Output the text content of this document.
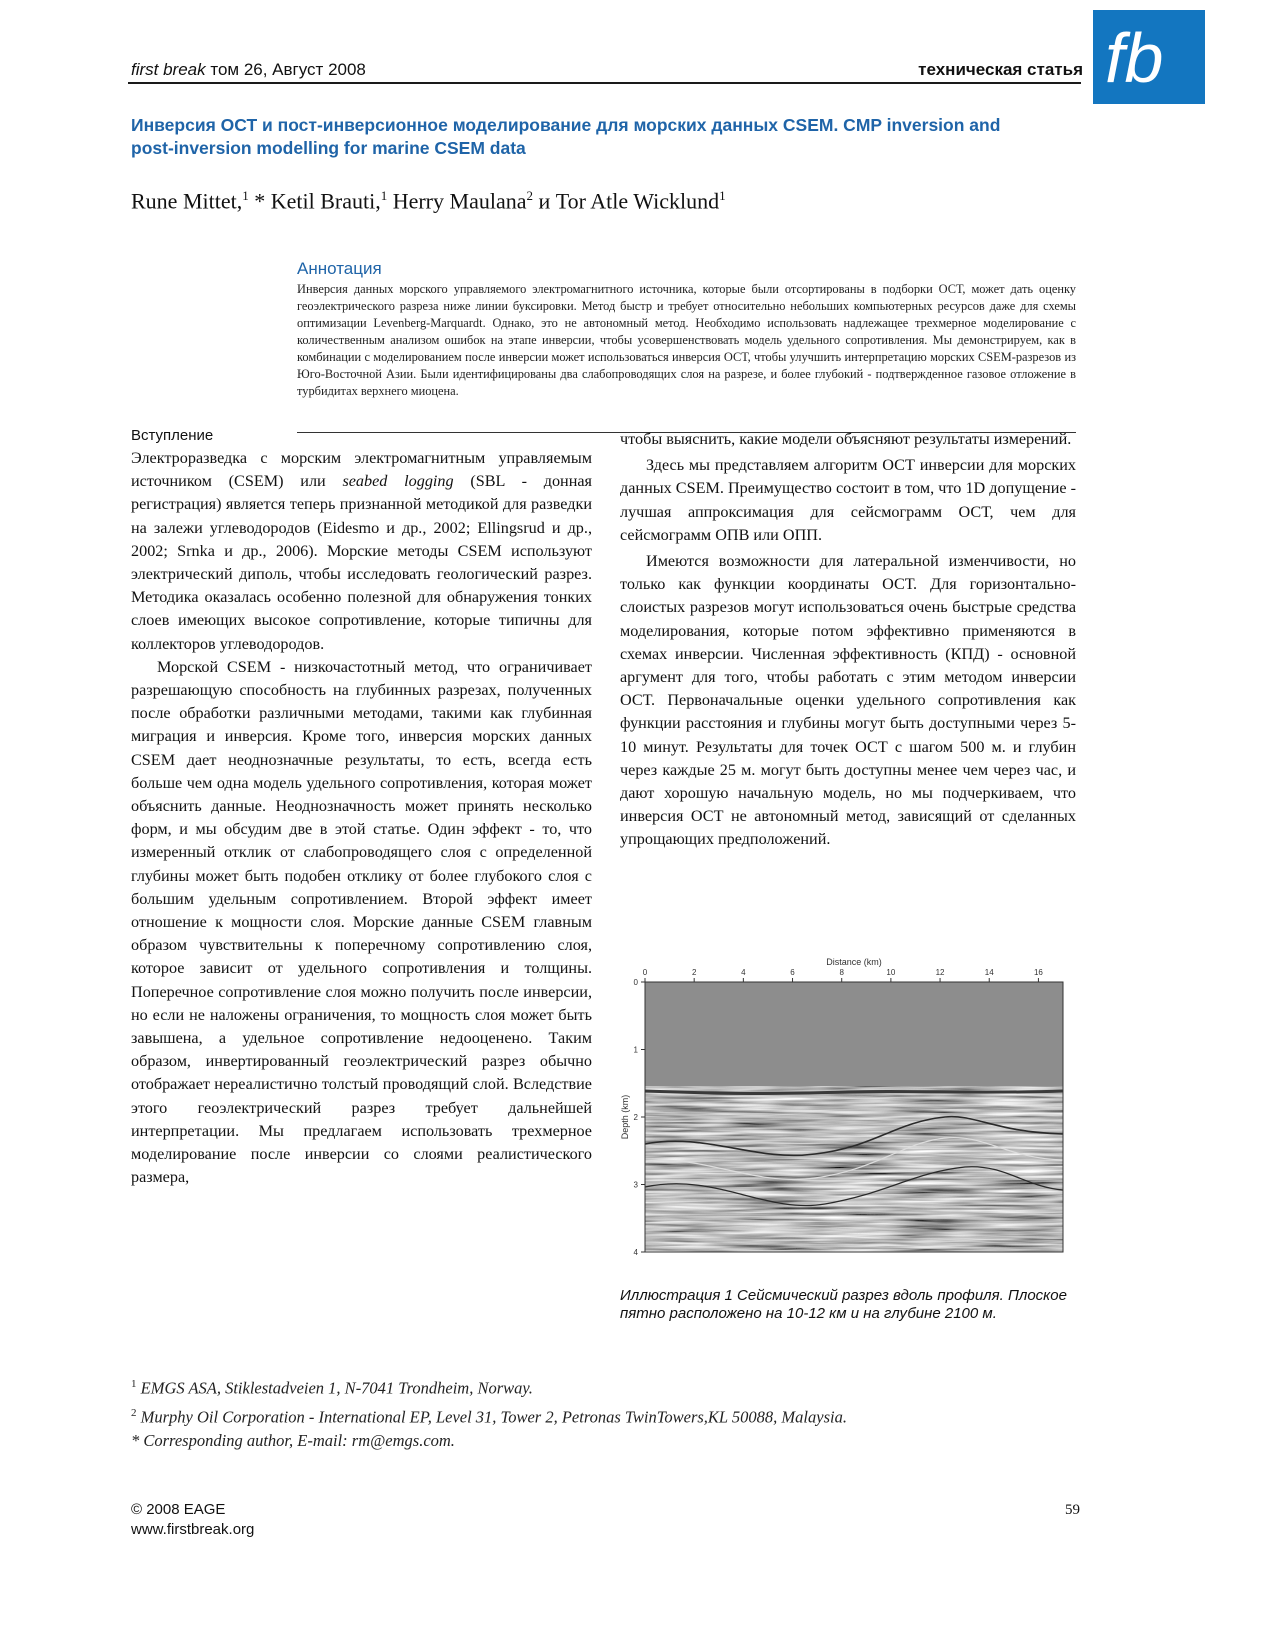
first break том 26, Август 2008	техническая статья fb
Инверсия ОСТ и пост-инверсионное моделирование для морских данных CSEM. CMP inversion and post-inversion modelling for marine CSEM data
Rune Mittet,$^1$ * Ketil Brauti,$^1$ Herry Maulana$^2$ и Tor Atle Wicklund$^1$
Аннотация
Инверсия данных морского управляемого электромагнитного источника, которые были отсортированы в подборки ОСТ, может дать оценку геоэлектрического разреза ниже линии буксировки. Метод быстр и требует относительно небольших компьютерных ресурсов даже для схемы оптимизации Levenberg-Marquardt. Однако, это не автономный метод. Необходимо использовать надлежащее трехмерное моделирование с количественным анализом ошибок на этапе инверсии, чтобы усовершенствовать модель удельного сопротивления. Мы демонстрируем, как в комбинации с моделированием после инверсии может использоваться инверсия ОСТ, чтобы улучшить интерпретацию морских CSEM-разрезов из Юго-Восточной Азии. Были идентифицированы два слабопроводящих слоя на разрезе, и более глубокий - подтвержденное газовое отложение в турбидитах верхнего миоцена.
Вступление

Электроразведка с морским электромагнитным управляемым источником (CSEM) или seabed logging (SBL - донная регистрация) является теперь признанной методикой для разведки на залежи углеводородов (Eidesmo и др., 2002; Ellingsrud и др., 2002; Srnka и др., 2006). Морские методы CSEM используют электрический диполь, чтобы исследовать геологический разрез. Методика оказалась особенно полезной для обнаружения тонких слоев имеющих высокое сопротивление, которые типичны для коллекторов углеводородов.

Морской CSEM - низкочастотный метод, что ограничивает разрешающую способность на глубинных разрезах, полученных после обработки различными методами, такими как глубинная миграция и инверсия. Кроме того, инверсия морских данных CSEM дает неоднозначные результаты, то есть, всегда есть больше чем одна модель удельного сопротивления, которая может объяснить данные. Неоднозначность может принять несколько форм, и мы обсудим две в этой статье. Один эффект - то, что измеренный отклик от слабопроводящего слоя с определенной глубины может быть подобен отклику от более глубокого слоя с большим удельным сопротивлением. Второй эффект имеет отношение к мощности слоя. Морские данные CSEM главным образом чувствительны к поперечному сопротивлению слоя, которое зависит от удельного сопротивления и толщины. Поперечное сопротивление слоя можно получить после инверсии, но если не наложены ограничения, то мощность слоя может быть завышена, а удельное сопротивление недооценено. Таким образом, инвертированный геоэлектрический разрез обычно отображает нереалистично толстый проводящий слой. Вследствие этого геоэлектрический разрез требует дальнейшей интерпретации. Мы предлагаем использовать трехмерное моделирование после инверсии со слоями реалистического размера,

чтобы выяснить, какие модели объясняют результаты измерений.

Здесь мы представляем алгоритм ОСТ инверсии для морских данных CSEM. Преимущество состоит в том, что 1D допущение - лучшая аппроксимация для сейсмограмм ОСТ, чем для сейсмограмм ОПВ или ОПП.

Имеются возможности для латеральной изменчивости, но только как функции координаты ОСТ. Для горизонтально-слоистых разрезов могут использоваться очень быстрые средства моделирования, которые потом эффективно применяются в схемах инверсии. Численная эффективность (КПД) - основной аргумент для того, чтобы работать с этим методом инверсии ОСТ. Первоначальные оценки удельного сопротивления как функции расстояния и глубины могут быть доступными через 5-10 минут. Результаты для точек ОСТ с шагом 500 м. и глубин через каждые 25 м. могут быть доступны менее чем через час, и дают хорошую начальную модель, но мы подчеркиваем, что инверсия ОСТ не автономный метод, зависящий от сделанных упрощающих предположений.

0	2	4	6	8	10	12	14	16
0
1
2
3
4
Distance (km)
Depth (km)
Иллюстрация 1 Сейсмический разрез вдоль профиля. Плоское пятно расположено на 10-12 км и на глубине 2100 м.
$^1$ EMGS ASA, Stiklestadveien 1, N-7041 Trondheim, Norway.
$^2$ Murphy Oil Corporation - International EP, Level 31, Tower 2, Petronas TwinTowers,KL 50088, Malaysia.
* Corresponding author, E-mail: rm@emgs.com.
© 2008 EAGE
www.firstbreak.org
59
